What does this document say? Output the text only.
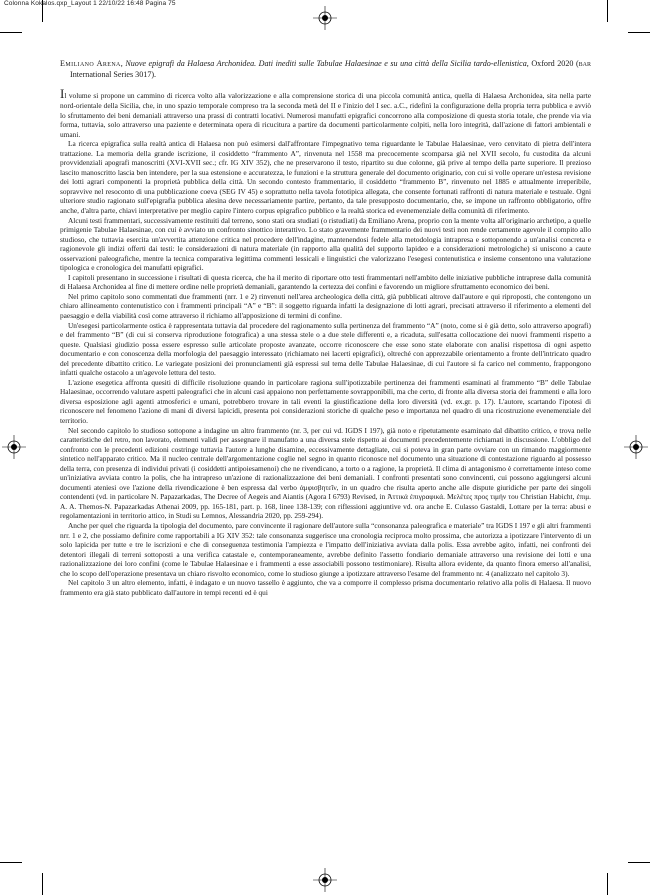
Colonna Kokalos.qxp_Layout 1 22/10/22 16:48 Pagina 75
Emiliano Arena, Nuove epigrafi da Halaesa Archonidea. Dati inediti sulle Tabulae Halaesinae e su una città della Sicilia tardo-ellenistica, Oxford 2020 (bar International Series 3017).

Il volume si propone un cammino di ricerca volto alla valorizzazione e alla comprensione storica di una piccola comunità antica, quella di Halaesa Archonidea, sita nella parte nord-orientale della Sicilia, che, in uno spazio temporale compreso tra la seconda metà del II e l'inizio del I sec. a.C., ridefinì la configurazione della propria terra pubblica e avviò lo sfruttamento dei beni demaniali attraverso una prassi di contratti locativi. Numerosi manufatti epigrafici concorrono alla composizione di questa storia totale, che prende via via forma, tuttavia, solo attraverso una paziente e determinata opera di ricucitura a partire da documenti particolarmente colpiti, nella loro integrità, dall'azione di fattori ambientali e umani.

La ricerca epigrafica sulla realtà antica di Halaesa non può esimersi dall'affrontare l'impegnativo tema riguardante le Tabulae Halaesinae, vero cenvitato di pietra dell'intera trattazione. La memoria della grande iscrizione, il cosiddetto “frammento A”, rinvenuta nel 1558 ma precocemente scomparsa già nel XVII secolo, fu custodita da alcuni provvidenziali apografi manoscritti (XVI-XVII sec.; cfr. IG XIV 352), che ne preservarono il testo, ripartito su due colonne, già prive al tempo della parte superiore. Il prezioso lascito manoscritto lascia ben intendere, per la sua estensione e accuratezza, le funzioni e la struttura generale del documento originario, con cui si volle operare un'estesa revisione dei lotti agrari componenti la proprietà pubblica della città. Un secondo contesto frammentario, il cosiddetto “frammento B”, rinvenuto nel 1885 e attualmente irreperibile, sopravvive nel resoconto di una pubblicazione coeva (SEG IV 45) e soprattutto nella tavola fototipica allegata, che consente fortunati raffronti di natura materiale e testuale. Ogni ulteriore studio ragionato sull'epigrafia pubblica alesina deve necessariamente partire, pertanto, da tale presupposto documentario, che, se impone un raffronto obbligatorio, offre anche, d'altra parte, chiavi interpretative per meglio capire l'intero corpus epigrafico pubblico e la realtà storica ed evenemenziale della comunità di riferimento.

Alcuni testi frammentari, successivamente restituiti dal terreno, sono stati ora studiati (o ristudiati) da Emiliano Arena, proprio con la mente volta all'originario archetipo, a quelle primigenie Tabulae Halaesinae, con cui è avviato un confronto sinottico interattivo. Lo stato gravemente frammentario dei nuovi testi non rende certamente agevole il compito allo studioso, che tuttavia esercita un'avvertita attenzione critica nel procedere dell'indagine, mantenendosi fedele alla metodologia intrapresa e sottoponendo a un'analisi concreta e ragionevole gli indizi offerti dai testi: le considerazioni di natura materiale (in rapporto alla qualità del supporto lapideo e a considerazioni metrologiche) si uniscono a caute osservazioni paleografiche, mentre la tecnica comparativa legittima commenti lessicali e linguistici che valorizzano l'esegesi contenutistica e insieme consentono una valutazione tipologica e cronologica dei manufatti epigrafici.

I capitoli presentano in successione i risultati di questa ricerca, che ha il merito di riportare otto testi frammentari nell'ambito delle iniziative pubbliche intraprese dalla comunità di Halaesa Archonidea al fine di mettere ordine nelle proprietà demaniali, garantendo la certezza dei confini e favorendo un migliore sfruttamento economico dei beni.

Nel primo capitolo sono commentati due frammenti (nrr. 1 e 2) rinvenuti nell'area archeologica della città, già pubblicati altrove dall'autore e qui riproposti, che contengono un chiaro allineamento contenutistico con i frammenti principali “A” e “B”: il soggetto riguarda infatti la designazione di lotti agrari, precisati attraverso il riferimento a elementi del paesaggio e della viabilità così come attraverso il richiamo all'apposizione di termini di confine.

Un'esegesi particolarmente ostica è rappresentata tuttavia dal procedere del ragionamento sulla pertinenza del frammento “A” (noto, come si è già detto, solo attraverso apografi) e del frammento “B” (di cui si conserva riproduzione fotografica) a una stessa stele o a due stele differenti e, a ricaduta, sull'esatta collocazione dei nuovi frammenti rispetto a queste. Qualsiasi giudizio possa essere espresso sulle articolate proposte avanzate, occorre riconoscere che esse sono state elaborate con analisi rispettosa di ogni aspetto documentario e con conoscenza della morfologia del paesaggio interessato (richiamato nei lacerti epigrafici), oltreché con apprezzabile orientamento a fronte dell'intricato quadro del precedente dibattito critico. Le variegate posizioni dei pronunciamenti già espressi sul tema delle Tabulae Halaesinae, di cui l'autore si fa carico nel commento, frappongono infatti qualche ostacolo a un'agevole lettura del testo.

L'azione esegetica affronta quesiti di difficile risoluzione quando in particolare ragiona sull'ipotizzabile pertinenza dei frammenti esaminati al frammento “B” delle Tabulae Halaesinae, occorrendo valutare aspetti paleografici che in alcuni casi appaiono non perfettamente sovrapponibili, ma che certo, di fronte alla diversa storia dei frammenti e alla loro diversa esposizione agli agenti atmosferici e umani, potrebbero trovare in tali eventi la giustificazione della loro diversità (vd. ex.gr. p. 17). L'autore, scartando l'ipotesi di riconoscere nel fenomeno l'azione di mani di diversi lapicidi, presenta poi considerazioni storiche di qualche peso e importanza nel quadro di una ricostruzione evenemenziale del territorio.

Nel secondo capitolo lo studioso sottopone a indagine un altro frammento (nr. 3, per cui vd. IGDS I 197), già noto e ripetutamente esaminato dal dibattito critico, e trova nelle caratteristiche del retro, non lavorato, elementi validi per assegnare il manufatto a una diversa stele rispetto ai documenti precedentemente richiamati in discussione. L'obbligo del confronto con le precedenti edizioni costringe tuttavia l'autore a lunghe disamine, eccessivamente dettagliate, cui si poteva in gran parte ovviare con un rimando maggiormente sintetico nell'apparato critico. Ma il nucleo centrale dell'argomentazione coglie nel segno in quanto riconosce nel documento una situazione di contestazione riguardo al possesso della terra, con presenza di individui privati (i cosiddetti antipoiesamenoi) che ne rivendicano, a torto o a ragione, la proprietà. Il clima di antagonismo è correttamente inteso come un'iniziativa avviata contro la polis, che ha intrapreso un'azione di razionalizzazione dei beni demaniali. I confronti presentati sono convincenti, cui possono aggiungersi alcuni documenti ateniesi ove l'azione della rivendicazione è ben espressa dal verbo ἀμφισβητεῖν, in un quadro che risulta aperto anche alle dispute giuridiche per parte dei singoli contendenti (vd. in particolare N. Papazarkadas, The Decree of Aegeis and Aiantis (Agora I 6793) Revised, in Ἀττικά ἐπιγραφικά. Μελέτες προς τιμήν του Christian Habicht, ἐπιμ. A. A. Themos-N. Papazarkadas Athenai 2009, pp. 165-181, part. p. 168, linee 138-139; con riflessioni aggiuntive vd. ora anche E. Culasso Gastaldi, Lottare per la terra: abusi e regolamentazioni in territorio attico, in Studi su Lemnos, Alessandria 2020, pp. 259-294).

Anche per quel che riguarda la tipologia del documento, pare convincente il ragionare dell'autore sulla “consonanza paleografica e materiale” tra IGDS I 197 e gli altri frammenti nrr. 1 e 2, che possiamo definire come rapportabili a IG XIV 352: tale consonanza suggerisce una cronologia reciproca molto prossima, che autorizza a ipotizzare l'intervento di un solo lapicida per tutte e tre le iscrizioni e che di conseguenza testimonia l'ampiezza e l'impatto dell'iniziativa avviata dalla polis. Essa avrebbe agito, infatti, nei confronti dei detentori illegali di terreni sottoposti a una verifica catastale e, contemporaneamente, avrebbe definito l'assetto fondiario demaniale attraverso una revisione dei lotti e una razionalizzazione dei loro confini (come le Tabulae Halaesinae e i frammenti a esse associabili possono testimoniare). Risulta allora evidente, da quanto finora emerso all'analisi, che lo scopo dell'operazione presentava un chiaro risvolto economico, come lo studioso giunge a ipotizzare attraverso l'esame del frammento nr. 4 (analizzato nel capitolo 3).

Nel capitolo 3 un altro elemento, infatti, è indagato e un nuovo tassello è aggiunto, che va a comporre il complesso prisma documentario relativo alla polis di Halaesa. Il nuovo frammento era già stato pubblicato dall'autore in tempi recenti ed è qui
